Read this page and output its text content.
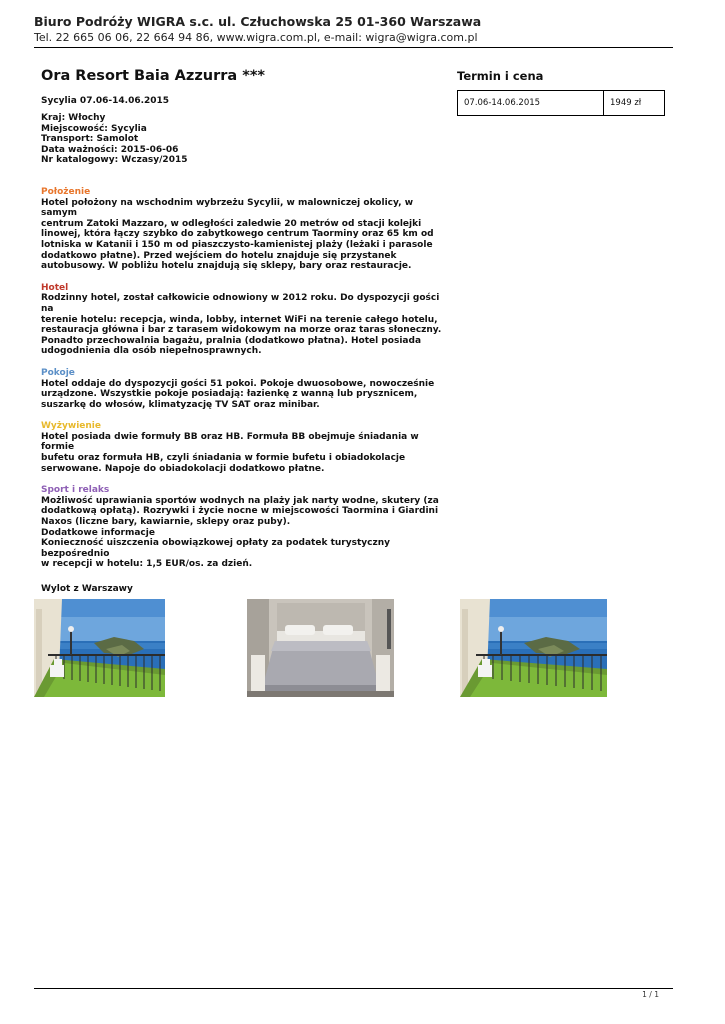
Biuro Podróży WIGRA s.c. ul. Człuchowska 25 01-360 Warszawa
Tel. 22 665 06 06, 22 664 94 86, www.wigra.com.pl, e-mail: wigra@wigra.com.pl
Ora Resort Baia Azzurra ***
Sycylia 07.06-14.06.2015
Kraj: Włochy
Miejscowość: Sycylia
Transport: Samolot
Data ważności: 2015-06-06
Nr katalogowy: Wczasy/2015
Termin i cena
07.06-14.06.2015	1949 zł
Położenie
Hotel położony na wschodnim wybrzeżu Sycylii, w malowniczej okolicy, w samym
centrum Zatoki Mazzaro, w odległości zaledwie 20 metrów od stacji kolejki
linowej, która łączy szybko do zabytkowego centrum Taorminy oraz 65 km od
lotniska w Katanii i 150 m od piaszczysto-kamienistej plaży (leżaki i parasole
dodatkowo płatne). Przed wejściem do hotelu znajduje się przystanek
autobusowy. W pobliżu hotelu znajdują się sklepy, bary oraz restauracje.
Hotel
Rodzinny hotel, został całkowicie odnowiony w 2012 roku. Do dyspozycji gości na
terenie hotelu: recepcja, winda, lobby, internet WiFi na terenie całego hotelu,
restauracja główna i bar z tarasem widokowym na morze oraz taras słoneczny.
Ponadto przechowalnia bagażu, pralnia (dodatkowo płatna). Hotel posiada
udogodnienia dla osób niepełnosprawnych.
Pokoje
Hotel oddaje do dyspozycji gości 51 pokoi. Pokoje dwuosobowe, nowocześnie
urządzone. Wszystkie pokoje posiadają: łazienkę z wanną lub prysznicem,
suszarkę do włosów, klimatyzację TV SAT oraz minibar.
Wyżywienie
Hotel posiada dwie formuły BB oraz HB. Formuła BB obejmuje śniadania w formie
bufetu oraz formuła HB, czyli śniadania w formie bufetu i obiadokolacje
serwowane. Napoje do obiadokolacji dodatkowo płatne.
Sport i relaks
Możliwość uprawiania sportów wodnych na plaży jak narty wodne, skutery (za
dodatkową opłatą). Rozrywki i życie nocne w miejscowości Taormina i Giardini
Naxos (liczne bary, kawiarnie, sklepy oraz puby).
Dodatkowe informacje
Konieczność uiszczenia obowiązkowej opłaty za podatek turystyczny bezpośrednio
w recepcji w hotelu: 1,5 EUR/os. za dzień.
Wylot z Warszawy
1 / 1
